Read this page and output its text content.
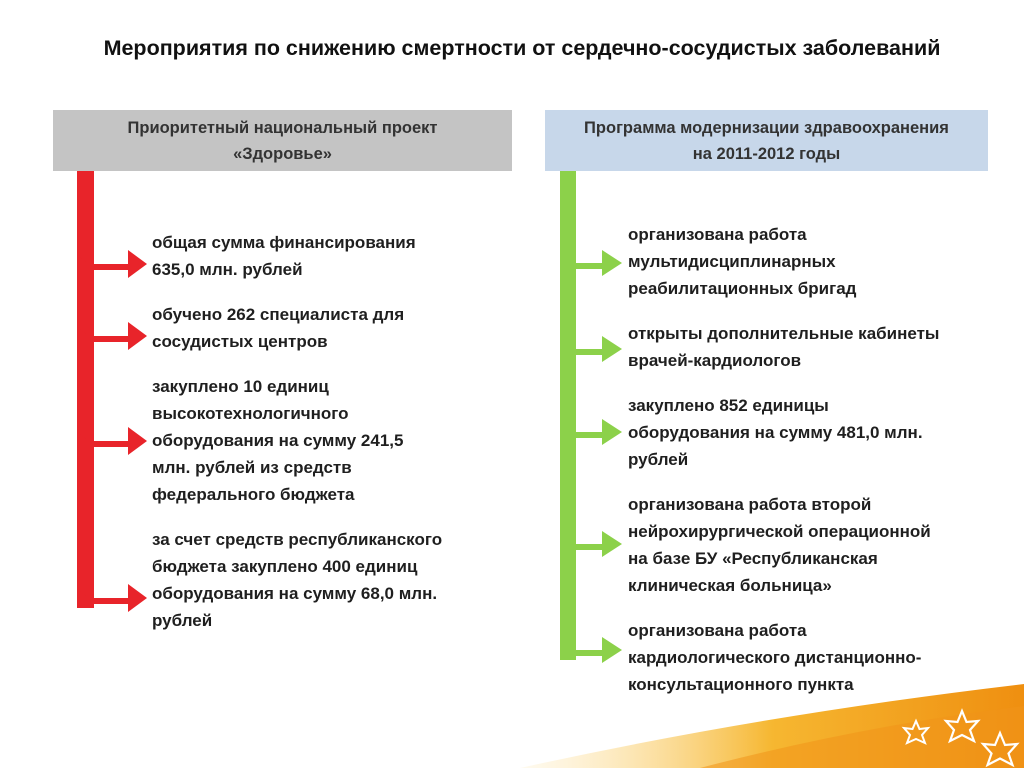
Мероприятия по снижению смертности от сердечно-сосудистых заболеваний
Приоритетный национальный проект
«Здоровье»
Программа модернизации здравоохранения
на 2011-2012 годы
общая сумма финансирования
635,0 млн. рублей
обучено 262 специалиста для
сосудистых центров
закуплено 10 единиц
высокотехнологичного
оборудования на сумму 241,5
млн. рублей из средств
федерального бюджета
за счет средств республиканского
бюджета закуплено 400 единиц
оборудования на сумму 68,0 млн.
рублей
организована работа
мультидисциплинарных
реабилитационных бригад
открыты дополнительные кабинеты
врачей-кардиологов
закуплено 852 единицы
оборудования на сумму 481,0 млн.
рублей
организована работа второй
нейрохирургической операционной
на базе БУ «Республиканская
клиническая больница»
организована работа
кардиологического дистанционно-
консультационного пункта
